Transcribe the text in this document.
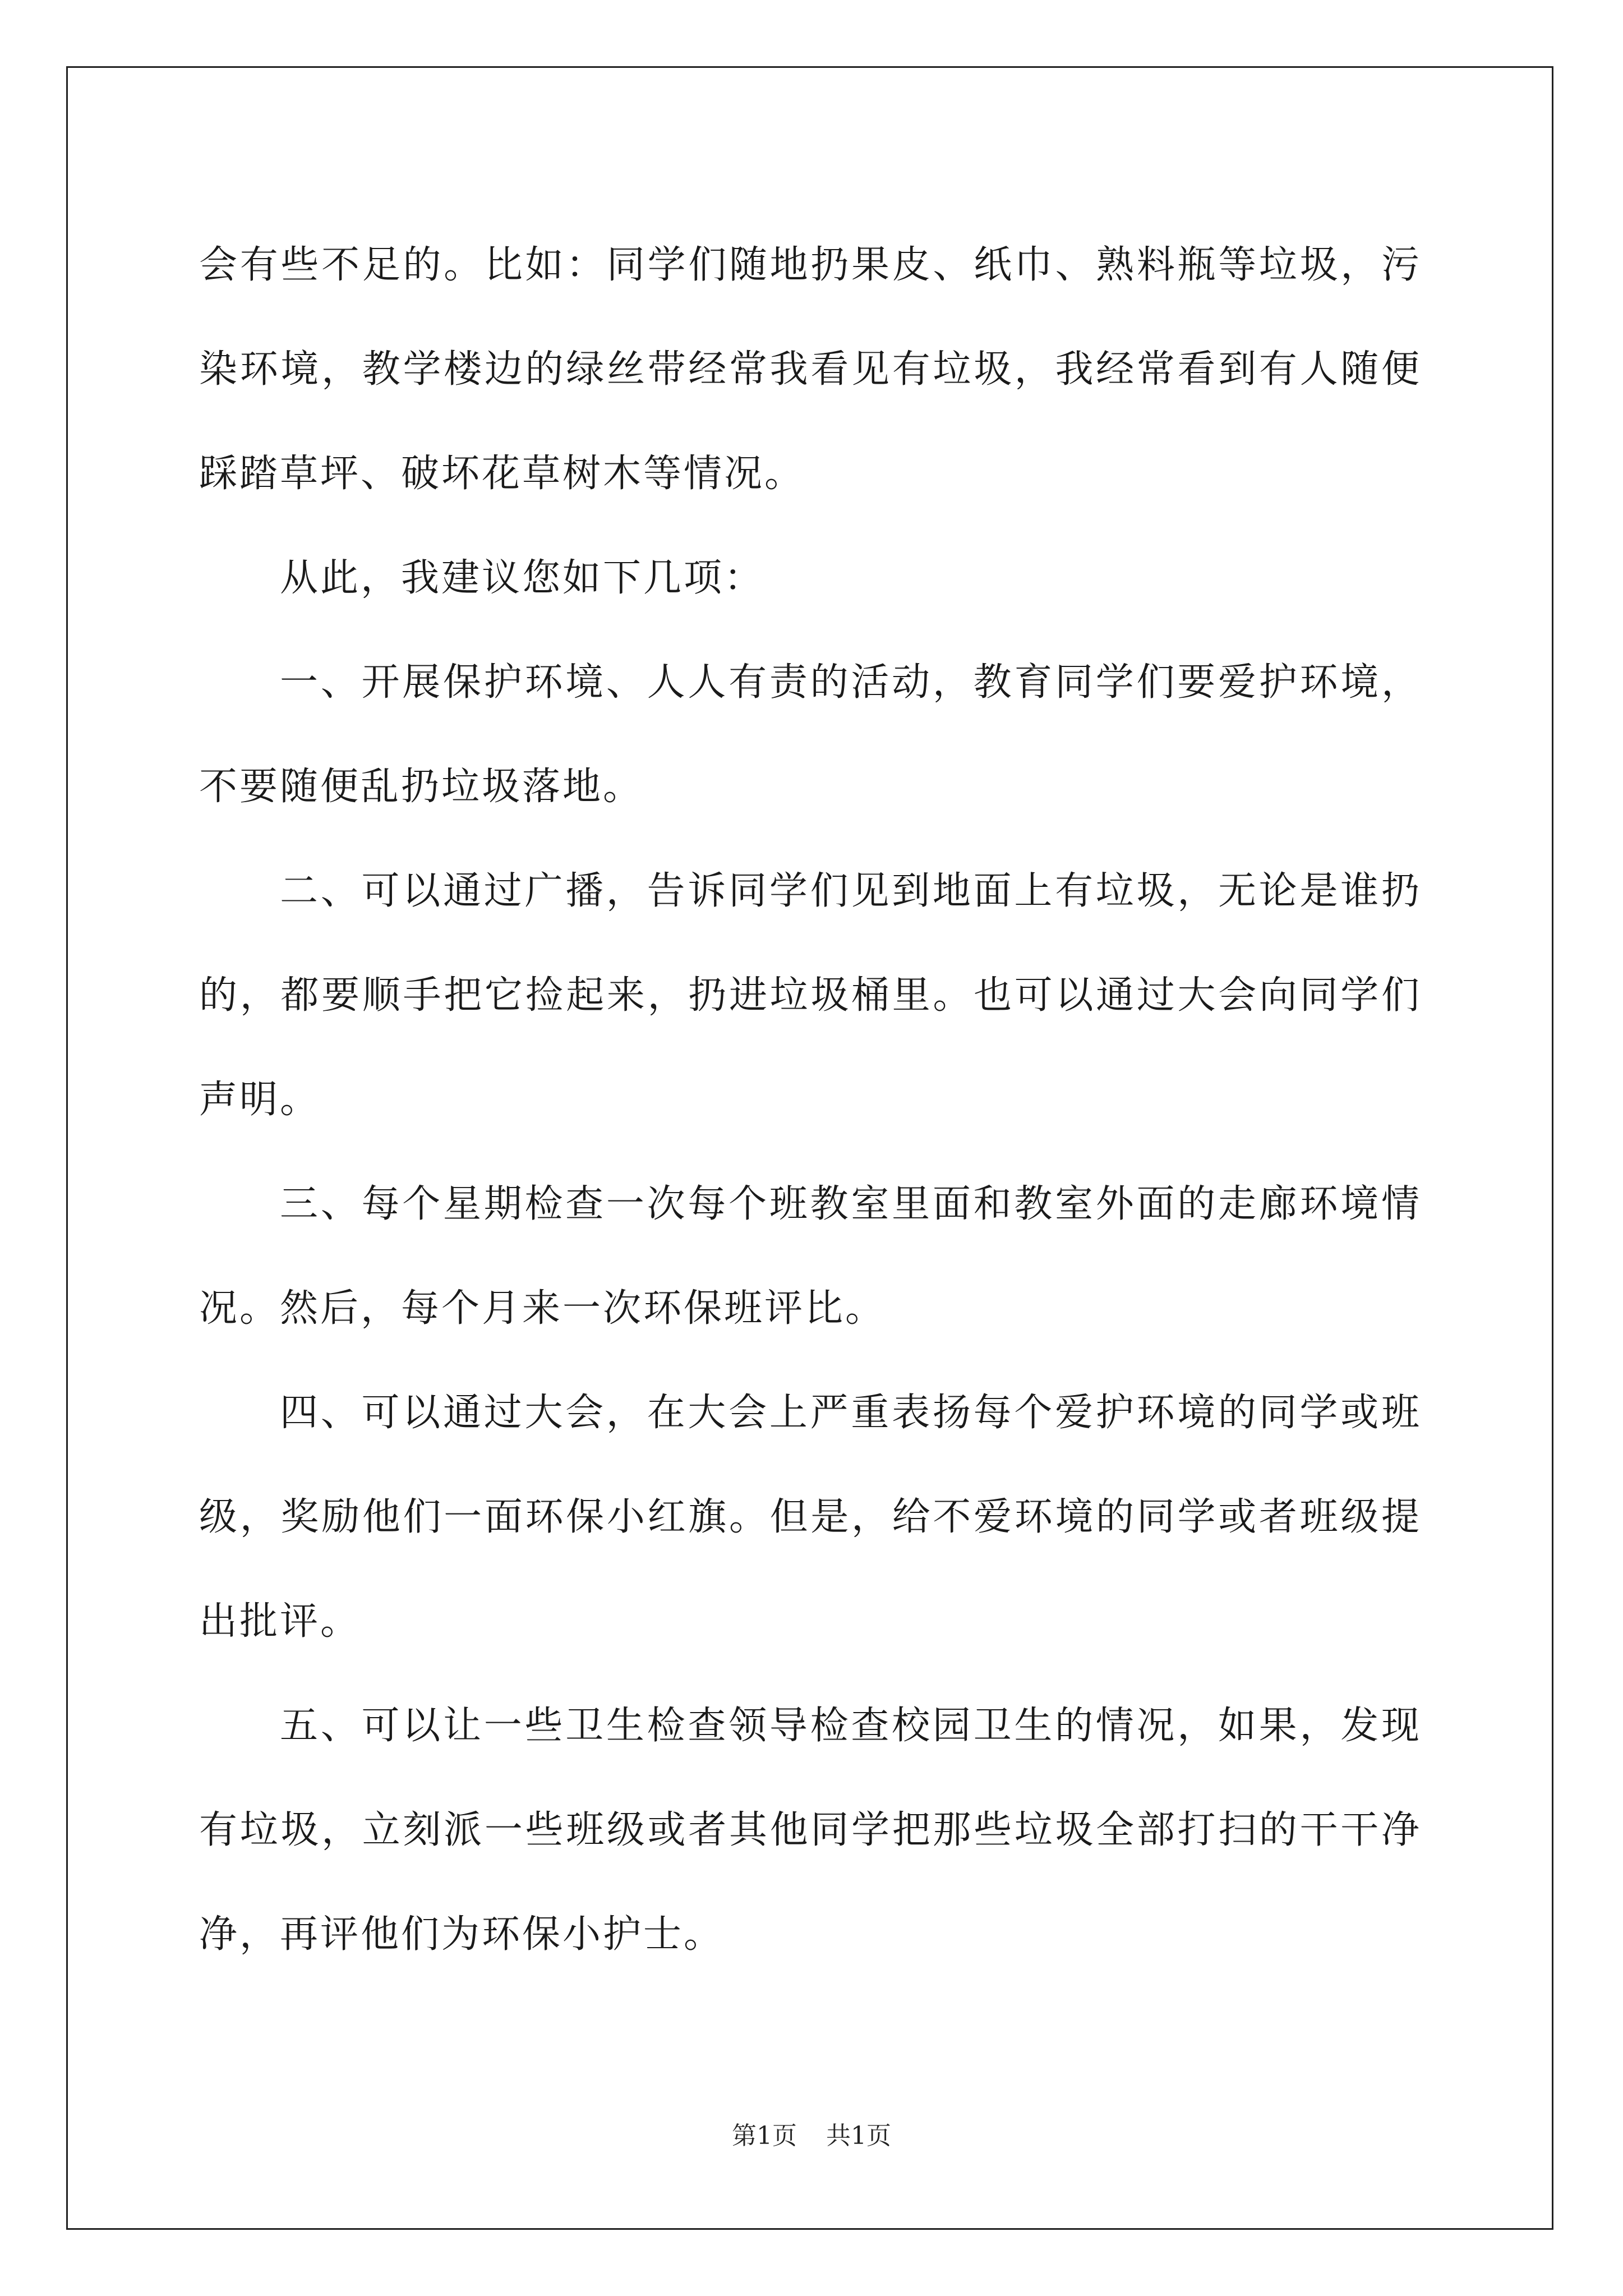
会有些不足的。比如：同学们随地扔果皮、纸巾、熟料瓶等垃圾，污染环境，教学楼边的绿丝带经常我看见有垃圾，我经常看到有人随便踩踏草坪、破坏花草树木等情况。

从此，我建议您如下几项：

一、开展保护环境、人人有责的活动，教育同学们要爱护环境，不要随便乱扔垃圾落地。

二、可以通过广播，告诉同学们见到地面上有垃圾，无论是谁扔的，都要顺手把它捡起来，扔进垃圾桶里。也可以通过大会向同学们声明。

三、每个星期检查一次每个班教室里面和教室外面的走廊环境情况。然后，每个月来一次环保班评比。

四、可以通过大会，在大会上严重表扬每个爱护环境的同学或班级，奖励他们一面环保小红旗。但是，给不爱环境的同学或者班级提出批评。

五、可以让一些卫生检查领导检查校园卫生的情况，如果，发现有垃圾，立刻派一些班级或者其他同学把那些垃圾全部打扫的干干净净，再评他们为环保小护士。

第1页 共1页
